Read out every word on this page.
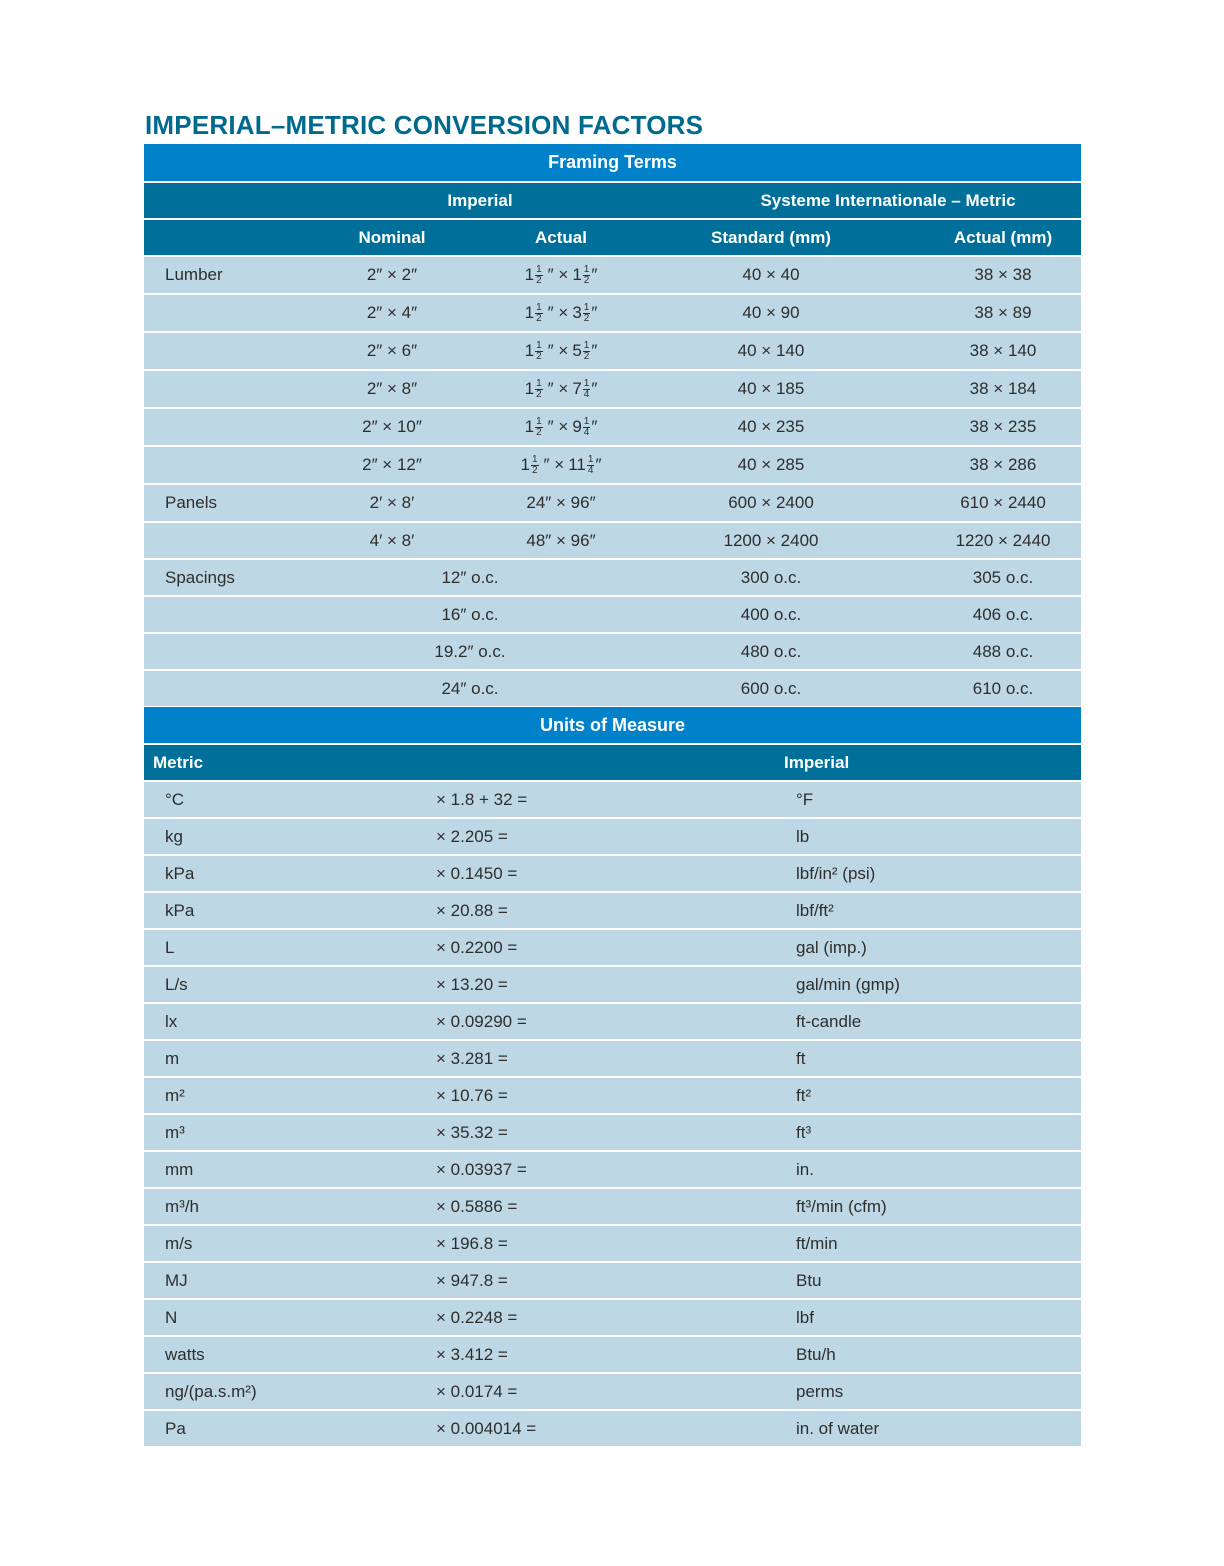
IMPERIAL–METRIC CONVERSION FACTORS
Framing Terms
Imperial	Systeme Internationale – Metric
Nominal	Actual	Standard (mm)	Actual (mm)
Lumber	2″ × 2″	$1 \frac{1}{2}$ ″ × $1 \frac{1}{2}$ ″	40 × 40	38 × 38
2″ × 4″	$1 \frac{1}{2}$ ″ × $3 \frac{1}{2}$ ″	40 × 90	38 × 89
2″ × 6″	$1 \frac{1}{2}$ ″ × $5 \frac{1}{2}$ ″	40 × 140	38 × 140
2″ × 8″	$1 \frac{1}{2}$ ″ × $7 \frac{1}{4}$ ″	40 × 185	38 × 184
2″ × 10″	$1 \frac{1}{2}$ ″ × $9 \frac{1}{4}$ ″	40 × 235	38 × 235
2″ × 12″	$1 \frac{1}{2}$ ″ × $11 \frac{1}{4}$ ″	40 × 285	38 × 286
Panels	2′ × 8′	24″ × 96″	600 × 2400	610 × 2440
4′ × 8′	48″ × 96″	1200 × 2400	1220 × 2440
Spacings	12″ o.c.	300 o.c.	305 o.c.
16″ o.c.	400 o.c.	406 o.c.
19.2″ o.c.	480 o.c.	488 o.c.
24″ o.c.	600 o.c.	610 o.c.
Units of Measure
Metric	Imperial
°C	× 1.8 + 32 =	°F
kg	× 2.205 =	lb
kPa	× 0.1450 =	lbf/in² (psi)
kPa	× 20.88 =	lbf/ft²
L	× 0.2200 =	gal (imp.)
L/s	× 13.20 =	gal/min (gmp)
lx	× 0.09290 =	ft-candle
m	× 3.281 =	ft
m²	× 10.76 =	ft²
m³	× 35.32 =	ft³
mm	× 0.03937 =	in.
m³/h	× 0.5886 =	ft³/min (cfm)
m/s	× 196.8 =	ft/min
MJ	× 947.8 =	Btu
N	× 0.2248 =	lbf
watts	× 3.412 =	Btu/h
ng/(pa.s.m²)	× 0.0174 =	perms
Pa	× 0.004014 =	in. of water
